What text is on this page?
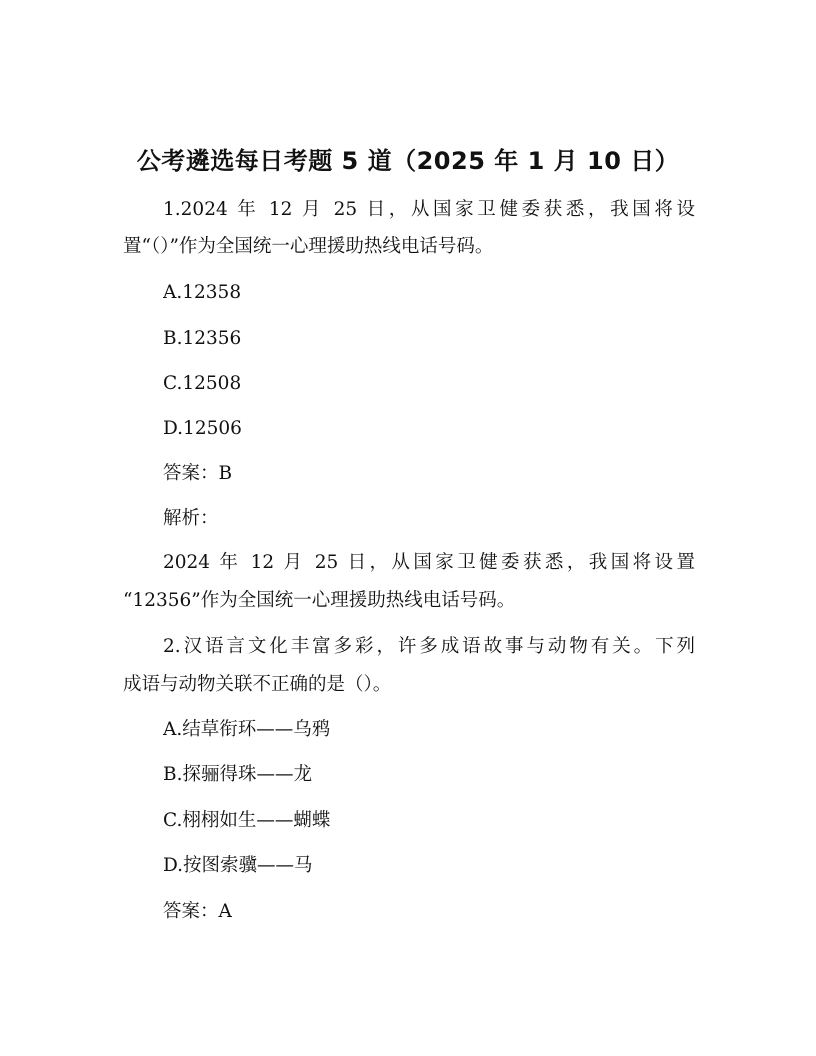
公考遴选每日考题 5 道（2025 年 1 月 10 日）
1.2024 年 12 月 25 日，从国家卫健委获悉，我国将设
置“（）”作为全国统一心理援助热线电话号码。
A.12358
B.12356
C.12508
D.12506
答案：B
解析：
2024 年 12 月 25 日，从国家卫健委获悉，我国将设置
“12356”作为全国统一心理援助热线电话号码。
2.汉语言文化丰富多彩，许多成语故事与动物有关。下列
成语与动物关联不正确的是（）。
A.结草衔环——乌鸦
B.探骊得珠——龙
C.栩栩如生——蝴蝶
D.按图索骥——马
答案：A
